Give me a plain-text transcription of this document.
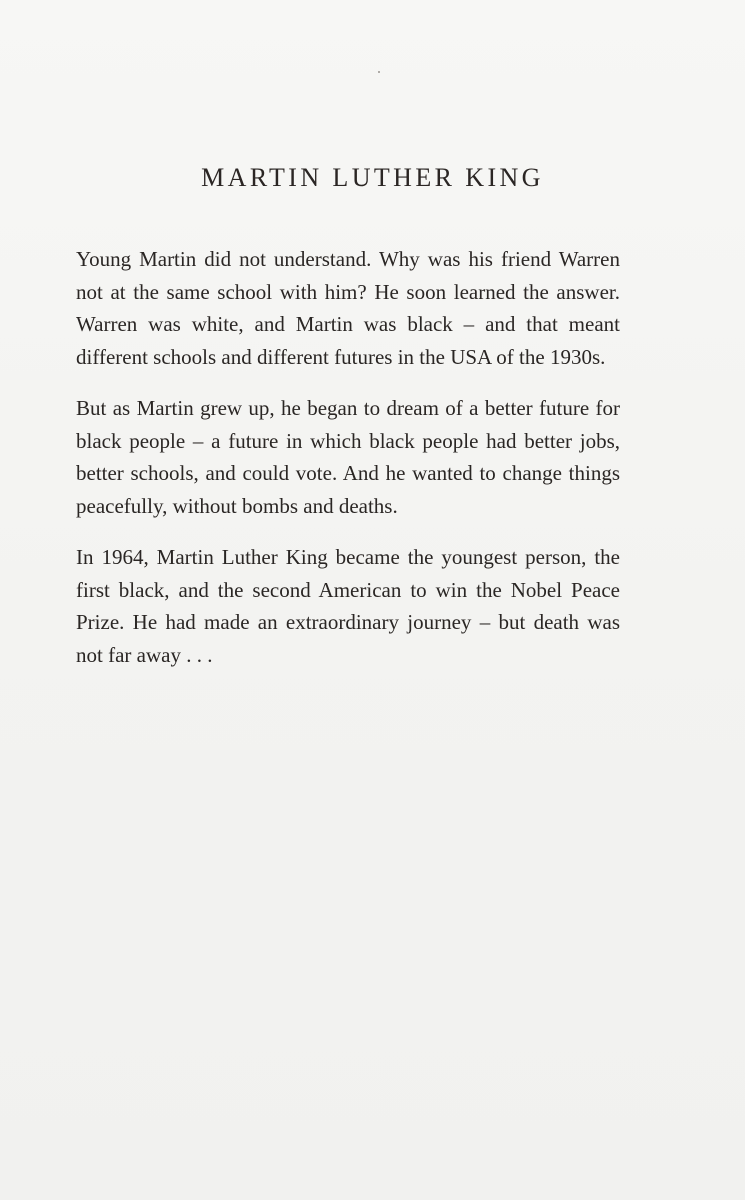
MARTIN LUTHER KING

Young Martin did not understand. Why was his friend Warren not at the same school with him? He soon learned the answer. Warren was white, and Martin was black – and that meant different schools and different futures in the USA of the 1930s.

But as Martin grew up, he began to dream of a better future for black people – a future in which black people had better jobs, better schools, and could vote. And he wanted to change things peacefully, without bombs and deaths.

In 1964, Martin Luther King became the youngest person, the first black, and the second American to win the Nobel Peace Prize. He had made an extraordinary journey – but death was not far away . . .
